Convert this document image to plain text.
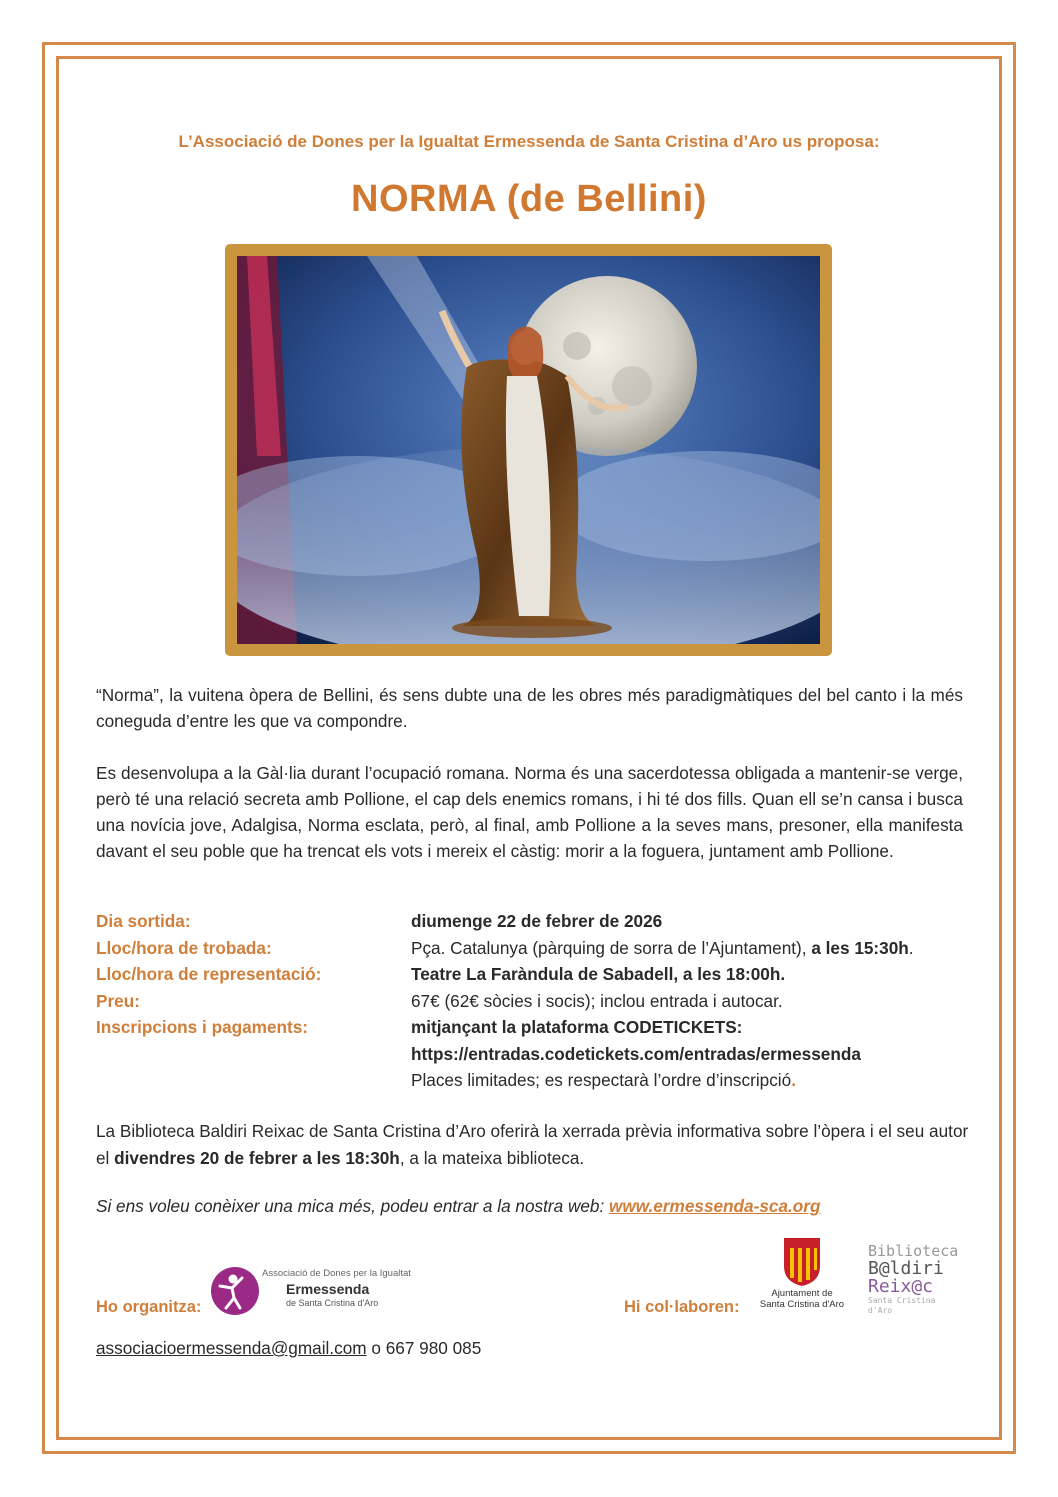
L’Associació de Dones per la Igualtat Ermessenda de Santa Cristina d’Aro us proposa:
NORMA (de Bellini)
“Norma”, la vuitena òpera de Bellini, és sens dubte una de les obres més paradigmàtiques del bel canto i la més coneguda d’entre les que va compondre.
Es desenvolupa a la Gàl·lia durant l’ocupació romana. Norma és una sacerdotessa obligada a mantenir-se verge, però té una relació secreta amb Pollione, el cap dels enemics romans, i hi té dos fills. Quan ell se’n cansa i busca una novícia jove, Adalgisa, Norma esclata, però, al final, amb Pollione a la seves mans, presoner, ella manifesta davant el seu poble que ha trencat els vots i mereix el càstig: morir a la foguera, juntament amb Pollione.
Dia sortida:	diumenge 22 de febrer de 2026
Lloc/hora de trobada:	Pça. Catalunya (pàrquing de sorra de l’Ajuntament), a les 15:30h.
Lloc/hora de representació:	Teatre La Faràndula de Sabadell, a les 18:00h.
Preu:	67€ (62€ sòcies i socis); inclou entrada i autocar.
Inscripcions i pagaments:	mitjançant la plataforma CODETICKETS:
https://entradas.codetickets.com/entradas/ermessenda
Places limitades; es respectarà l’ordre d’inscripció.
La Biblioteca Baldiri Reixac de Santa Cristina d’Aro oferirà la xerrada prèvia informativa sobre l’òpera i el seu autor el divendres 20 de febrer a les 18:30h, a la mateixa biblioteca.
Si ens voleu conèixer una mica més, podeu entrar a la nostra web: www.ermessenda-sca.org
Ho organitza:
Associació de Dones per la Igualtat
Ermessenda
de Santa Cristina d'Aro	Hi col·laboren:
Ajuntament de
Santa Cristina d'Aro
Biblioteca
B@ldiri
Reix@c
Santa Cristina d'Aro
associacioermessenda@gmail.com o 667 980 085
